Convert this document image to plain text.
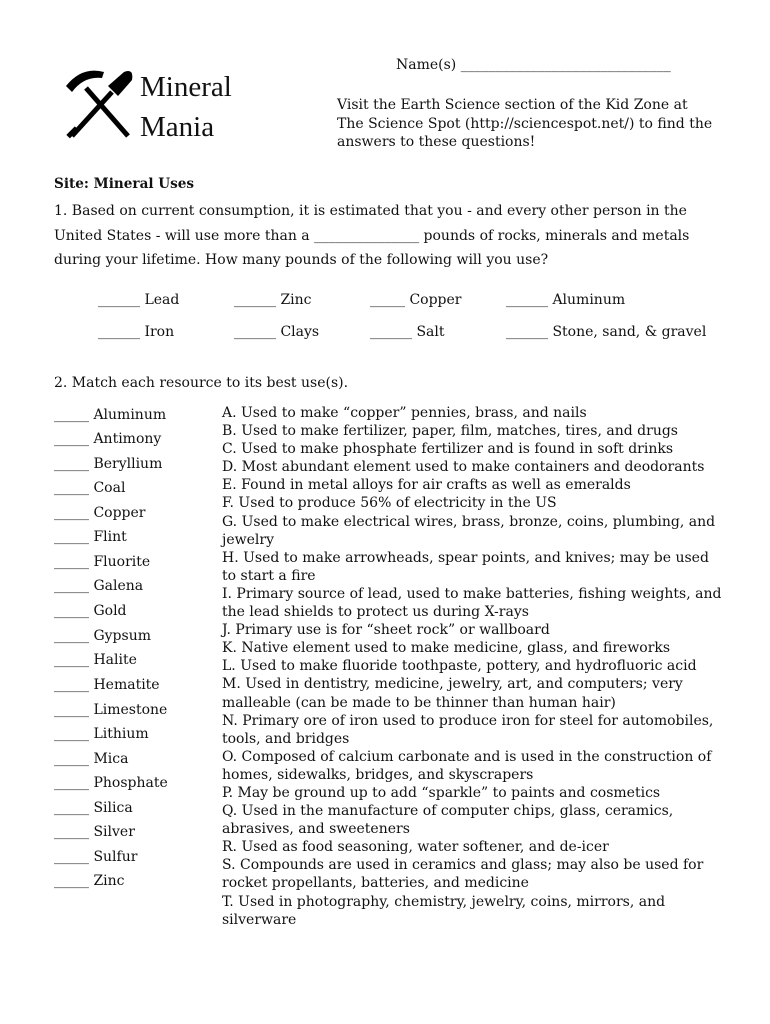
Mineral
Mania
Name(s) ______________________________
Visit the Earth Science section of the Kid Zone at The Science Spot (http://sciencespot.net/) to find the answers to these questions!
Site: Mineral Uses
1. Based on current consumption, it is estimated that you - and every other person in the United States - will use more than a _______________ pounds of rocks, minerals and metals during your lifetime. How many pounds of the following will you use?
______ Lead	______ Zinc	_____ Copper	______ Aluminum
______ Iron	______ Clays	______ Salt	______ Stone, sand, & gravel
2. Match each resource to its best use(s).
_____ Aluminum
_____ Antimony
_____ Beryllium
_____ Coal
_____ Copper
_____ Flint
_____ Fluorite
_____ Galena
_____ Gold
_____ Gypsum
_____ Halite
_____ Hematite
_____ Limestone
_____ Lithium
_____ Mica
_____ Phosphate
_____ Silica
_____ Silver
_____ Sulfur
_____ Zinc
A. Used to make “copper” pennies, brass, and nails
B. Used to make fertilizer, paper, film, matches, tires, and drugs
C. Used to make phosphate fertilizer and is found in soft drinks
D. Most abundant element used to make containers and deodorants
E. Found in metal alloys for air crafts as well as emeralds
F. Used to produce 56% of electricity in the US
G. Used to make electrical wires, brass, bronze, coins, plumbing, and jewelry
H. Used to make arrowheads, spear points, and knives; may be used to start a fire
I. Primary source of lead, used to make batteries, fishing weights, and the lead shields to protect us during X-rays
J. Primary use is for “sheet rock” or wallboard
K. Native element used to make medicine, glass, and fireworks
L. Used to make fluoride toothpaste, pottery, and hydrofluoric acid
M. Used in dentistry, medicine, jewelry, art, and computers; very malleable (can be made to be thinner than human hair)
N. Primary ore of iron used to produce iron for steel for automobiles, tools, and bridges
O. Composed of calcium carbonate and is used in the construction of homes, sidewalks, bridges, and skyscrapers
P. May be ground up to add “sparkle” to paints and cosmetics
Q. Used in the manufacture of computer chips, glass, ceramics, abrasives, and sweeteners
R. Used as food seasoning, water softener, and de-icer
S. Compounds are used in ceramics and glass; may also be used for rocket propellants, batteries, and medicine
T. Used in photography, chemistry, jewelry, coins, mirrors, and silverware
